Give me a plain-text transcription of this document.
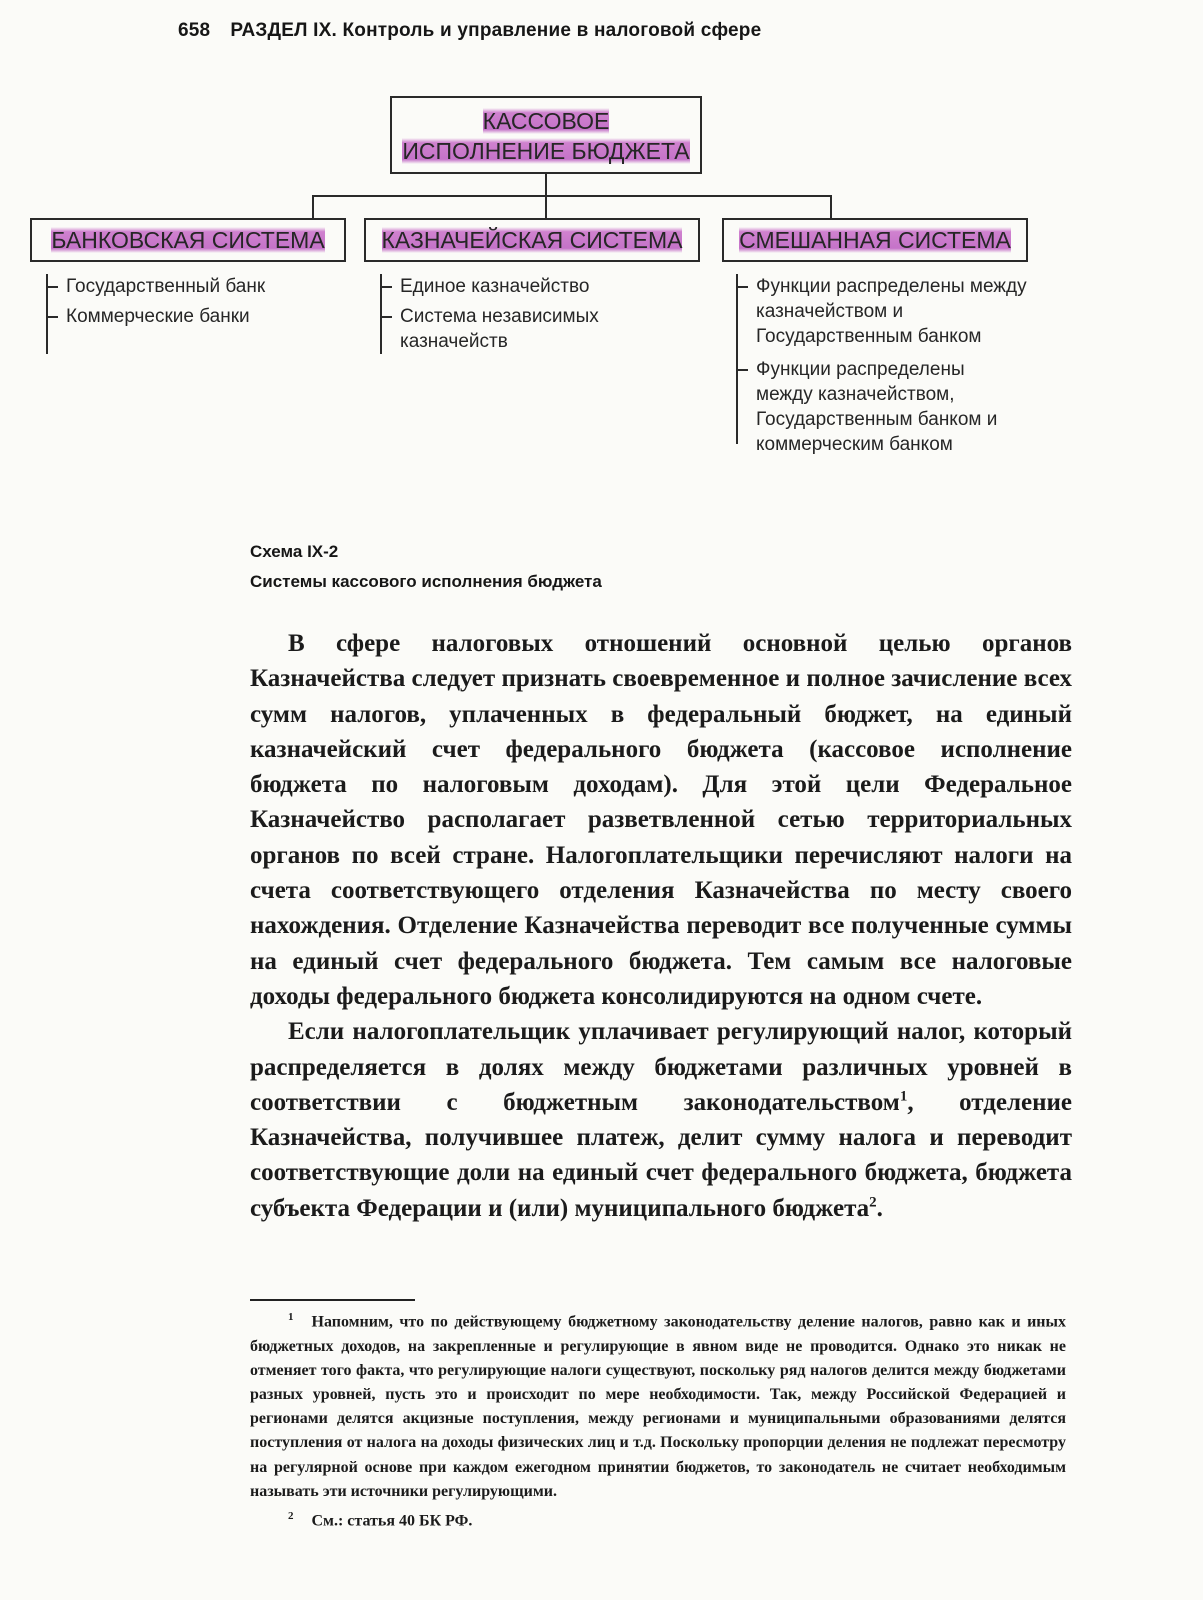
658 РАЗДЕЛ IX. Контроль и управление в налоговой сфере
КАССОВОЕ
ИСПОЛНЕНИЕ БЮДЖЕТА
БАНКОВСКАЯ СИСТЕМА	КАЗНАЧЕЙСКАЯ СИСТЕМА	СМЕШАННАЯ СИСТЕМА
Государственный банк
Коммерческие банки
Единое казначейство
Система независимых казначейств
Функции распределены между казначейством и Государственным банком
Функции распределены между казначейством, Государственным банком и коммерческим банком
Схема IX-2
Системы кассового исполнения бюджета

В сфере налоговых отношений основной целью органов Казначейства следует признать своевременное и полное зачисление всех сумм налогов, уплаченных в федеральный бюджет, на единый казначейский счет федерального бюджета (кассовое исполнение бюджета по налоговым доходам). Для этой цели Федеральное Казначейство располагает разветвленной сетью территориальных органов по всей стране. Налогоплательщики перечисляют налоги на счета соответствующего отделения Казначейства по месту своего нахождения. Отделение Казначейства переводит все полученные суммы на единый счет федерального бюджета. Тем самым все налоговые доходы федерального бюджета консолидируются на одном счете.

Если налогоплательщик уплачивает регулирующий налог, который распределяется в долях между бюджетами различных уровней в соответствии с бюджетным законодательством$^1$, отделение Казначейства, получившее платеж, делит сумму налога и переводит соответствующие доли на единый счет федерального бюджета, бюджета субъекта Федерации и (или) муниципального бюджета$^2$.

$^1$ Напомним, что по действующему бюджетному законодательству деление налогов, равно как и иных бюджетных доходов, на закрепленные и регулирующие в явном виде не проводится. Однако это никак не отменяет того факта, что регулирующие налоги существуют, поскольку ряд налогов делится между бюджетами разных уровней, пусть это и происходит по мере необходимости. Так, между Российской Федерацией и регионами делятся акцизные поступления, между регионами и муниципальными образованиями делятся поступления от налога на доходы физических лиц и т.д. Поскольку пропорции деления не подлежат пересмотру на регулярной основе при каждом ежегодном принятии бюджетов, то законодатель не считает необходимым называть эти источники регулирующими.

$^2$ См.: статья 40 БК РФ.
